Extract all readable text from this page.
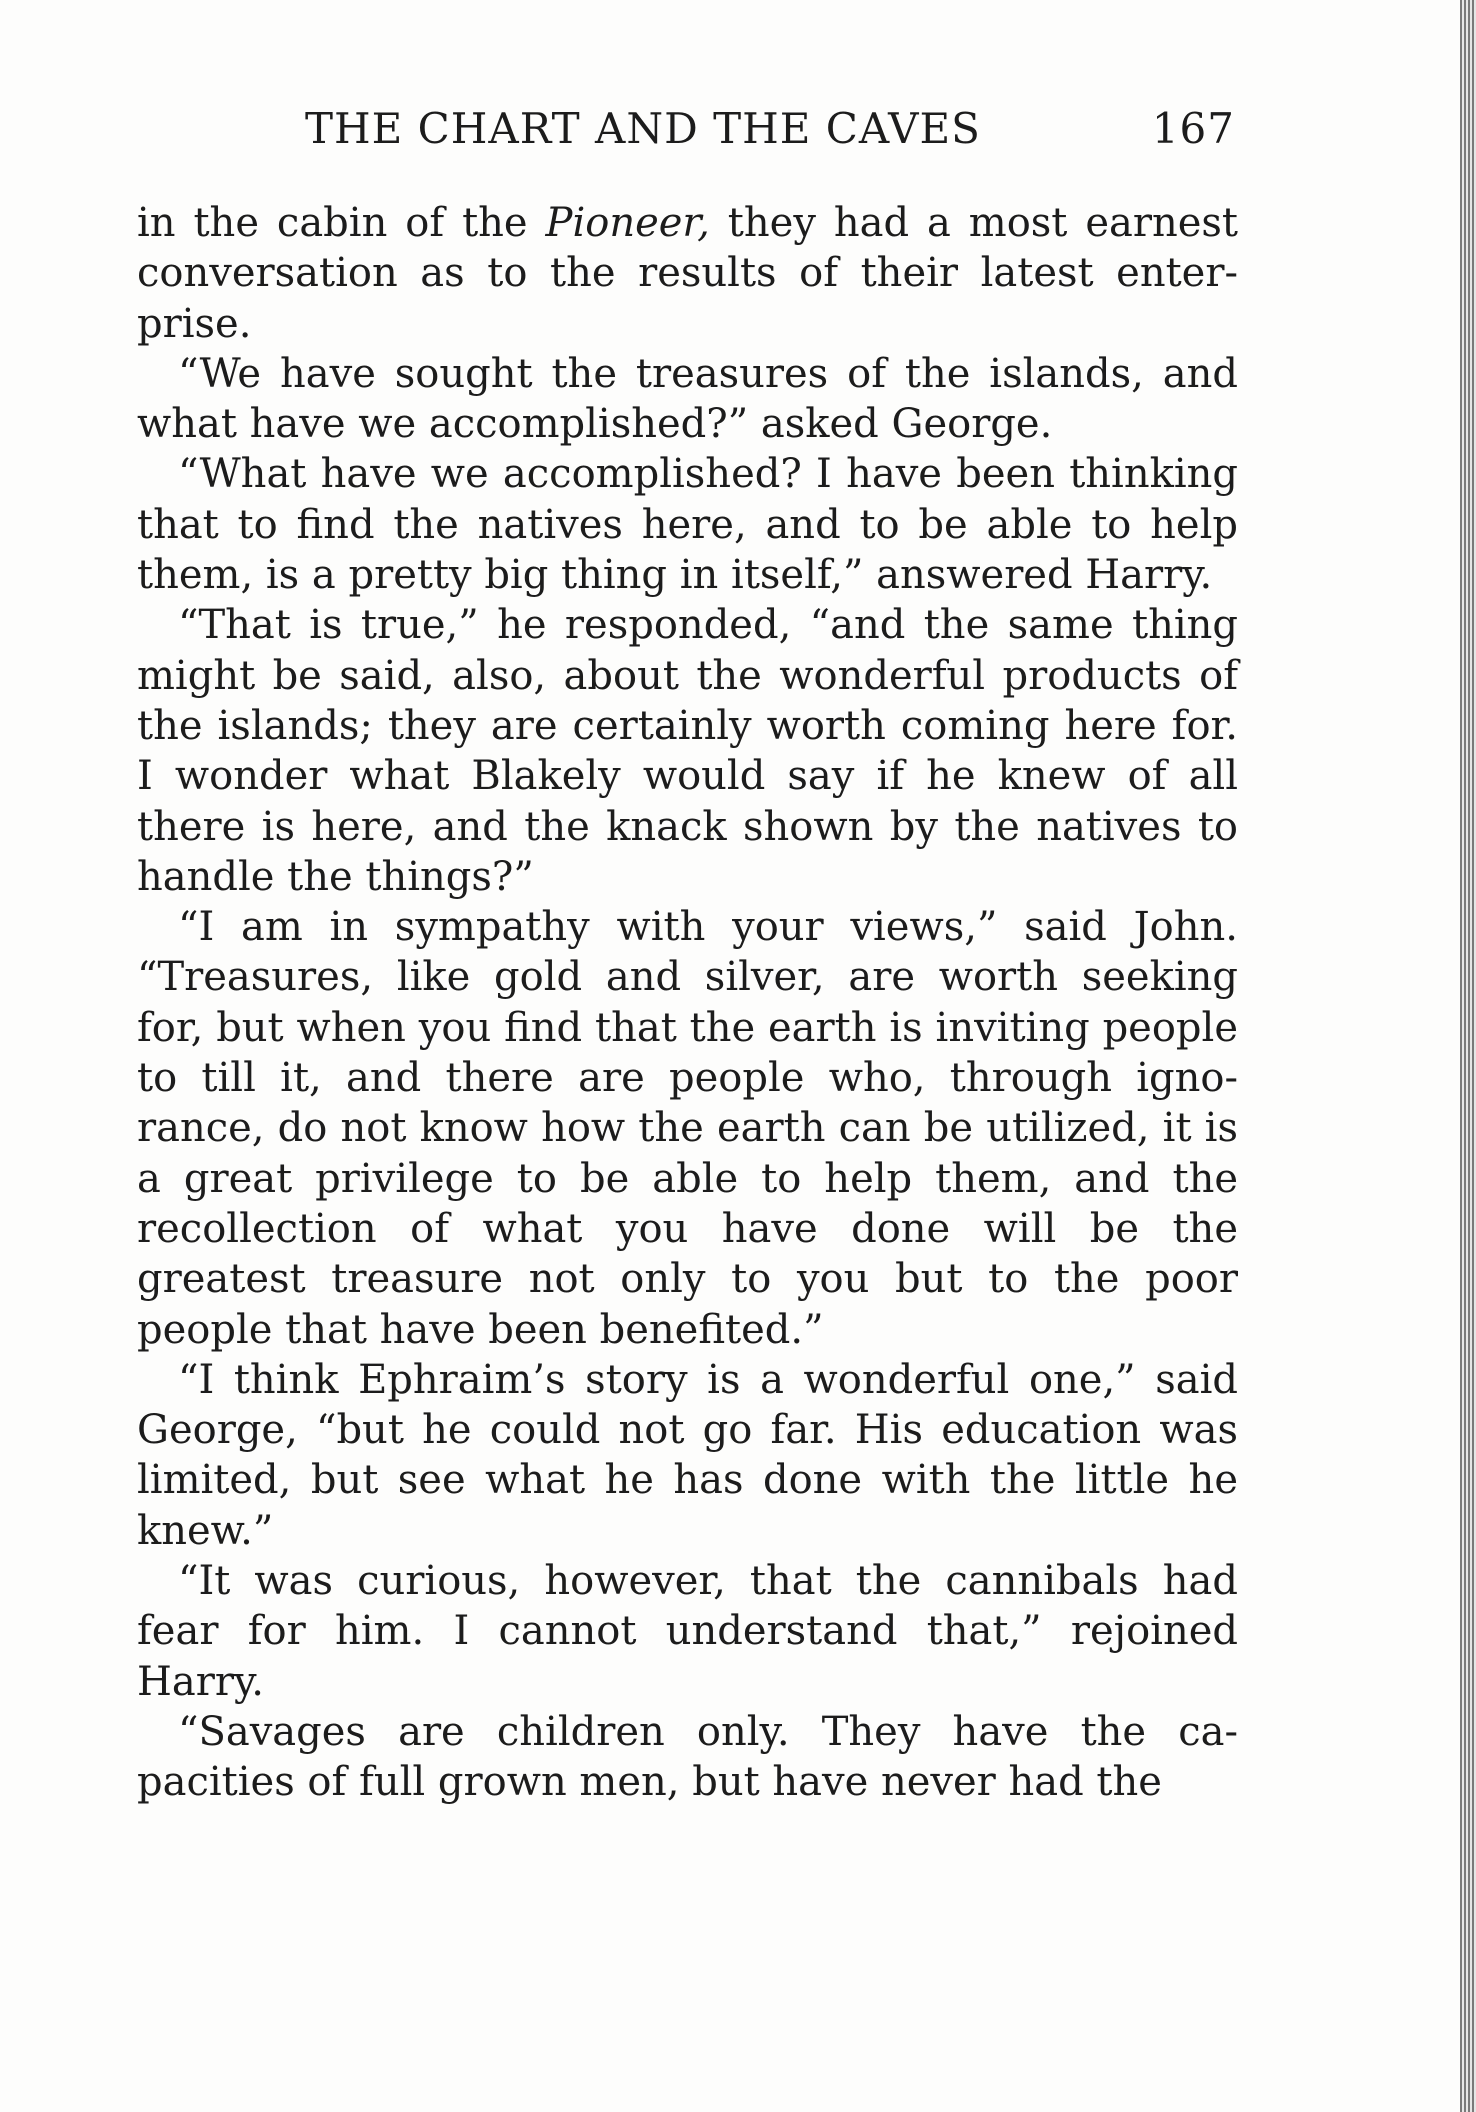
THE CHART AND THE CAVES	167

in the cabin of the Pioneer, they had a most earnest conversation as to the results of their latest enterprise.

“We have sought the treasures of the islands, and what have we accomplished?” asked George.

“What have we accomplished? I have been thinking that to find the natives here, and to be able to help them, is a pretty big thing in itself,” answered Harry.

“That is true,” he responded, “and the same thing might be said, also, about the wonderful products of the islands; they are certainly worth coming here for. I wonder what Blakely would say if he knew of all there is here, and the knack shown by the natives to handle the things?”

“I am in sympathy with your views,” said John. “Treasures, like gold and silver, are worth seeking for, but when you find that the earth is inviting people to till it, and there are people who, through ignorance, do not know how the earth can be utilized, it is a great privilege to be able to help them, and the recollection of what you have done will be the greatest treasure not only to you but to the poor people that have been benefited.”

“I think Ephraim’s story is a wonderful one,” said George, “but he could not go far. His education was limited, but see what he has done with the little he knew.”

“It was curious, however, that the cannibals had fear for him. I cannot understand that,” rejoined Harry.

“Savages are children only. They have the capacities of full grown men, but have never had the
